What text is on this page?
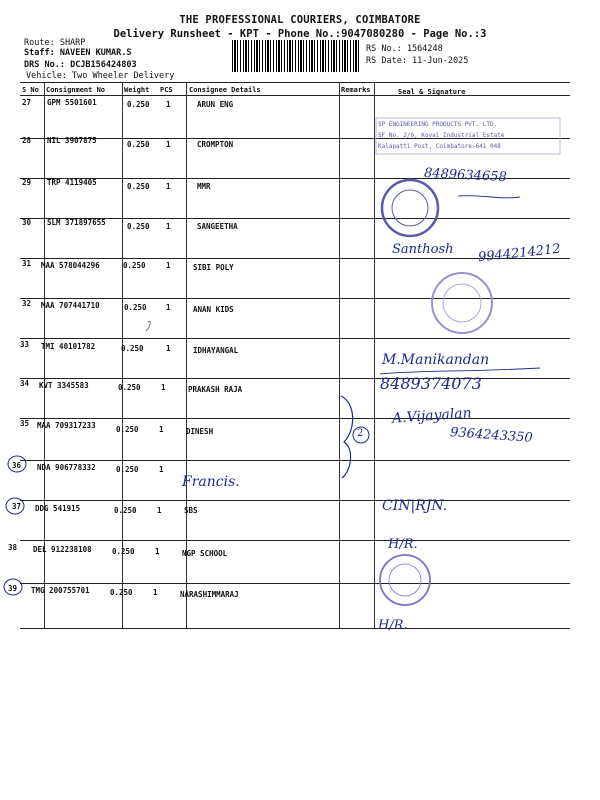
THE PROFESSIONAL COURIERS, COIMBATORE
Delivery Runsheet - KPT - Phone No.:9047080280 - Page No.:3
Route: SHARP
Staff: NAVEEN KUMAR.S
DRS No.: DCJB156424803
Vehicle: Two Wheeler Delivery
RS No.: 1564248
RS Date: 11-Jun-2025
S No Consignment No	Weight PCS Consignee Details	Remarks	Seal & Signature
27 GPM 5501601	0.250 1	ARUN ENG
28 NIL 3907875	0.250 1	CROMPTON
29 TRP 4119405	0.250 1	MMR
30 SLM 371897655	0.250 1	SANGEETHA
31 MAA 578044296	0.250	1	SIBI POLY
32 MAA 707441710	0.250	1	ANAN KIDS
33 TMI 40101782	0.250	1	IDHAYANGAL
34 KVT 3345583	0.250	1	PRAKASH RAJA
35 MAA 709317233	0.250	1	DINESH
36 NDA 906778332	0.250	1
37 DDG 541915	0.250	1	SBS
38 DEL 912238108	0.250	1	NGP SCHOOL
39 TMG 200755701	0.250	1	NARASHIMMARAJ
SP ENGINEERING PRODUCTS PVT. LTD.
SF No. 2/6, Kovai Industrial Estate
Kalapatti Post, Coimbatore-641 048
8489634658
Santhosh 9944214212
M.Manikandan
8489374073
A.Vijayalan
9364243350
2
Francis.
CIN|RJN.
H/R.
H/R.
